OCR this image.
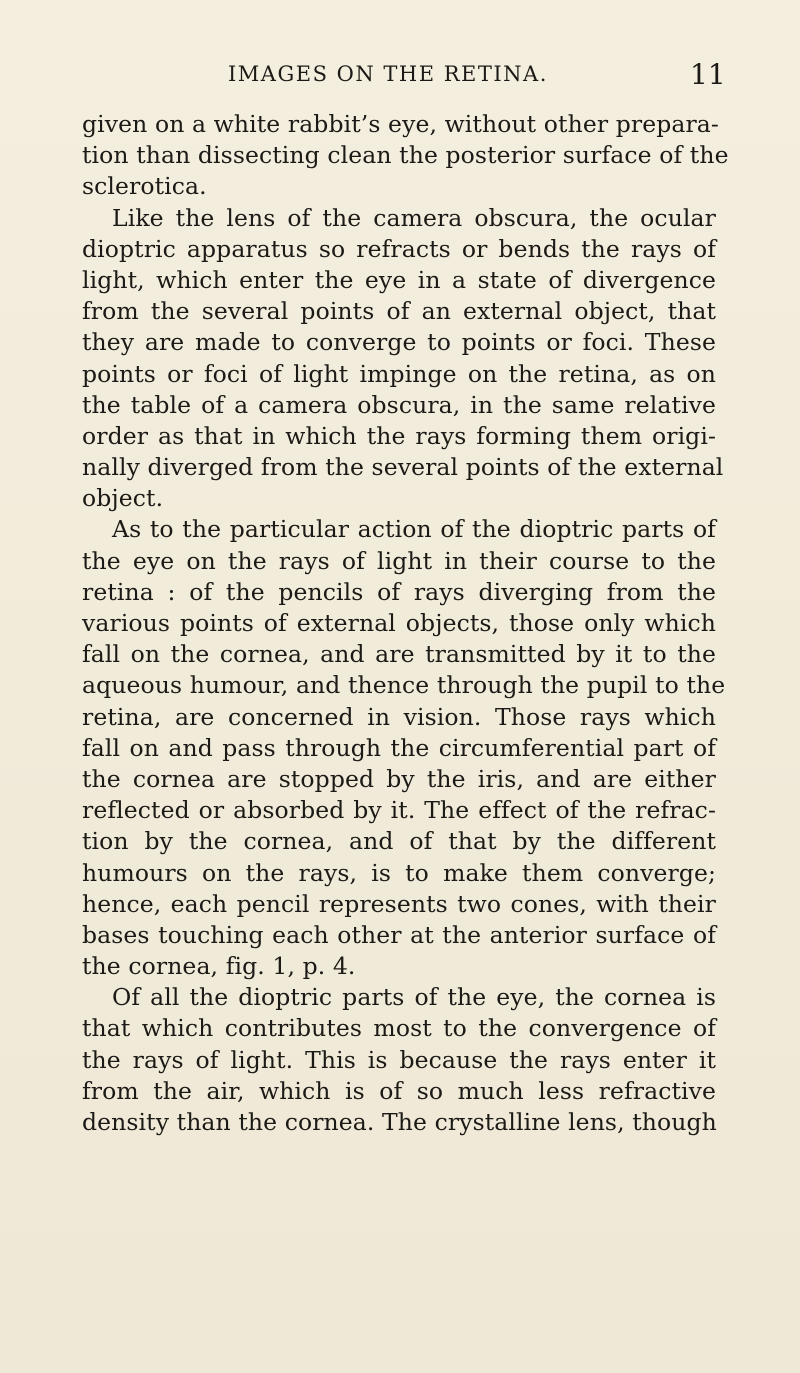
IMAGES ON THE RETINA.	11
given on a white rabbit’s eye, without other prepara-
tion than dissecting clean the posterior surface of the
sclerotica.
Like the lens of the camera obscura, the ocular
dioptric apparatus so refracts or bends the rays of
light, which enter the eye in a state of divergence
from the several points of an external object, that
they are made to converge to points or foci. These
points or foci of light impinge on the retina, as on
the table of a camera obscura, in the same relative
order as that in which the rays forming them origi-
nally diverged from the several points of the external
object.
As to the particular action of the dioptric parts of
the eye on the rays of light in their course to the
retina : of the pencils of rays diverging from the
various points of external objects, those only which
fall on the cornea, and are transmitted by it to the
aqueous humour, and thence through the pupil to the
retina, are concerned in vision. Those rays which
fall on and pass through the circumferential part of
the cornea are stopped by the iris, and are either
reflected or absorbed by it. The effect of the refrac-
tion by the cornea, and of that by the different
humours on the rays, is to make them converge;
hence, each pencil represents two cones, with their
bases touching each other at the anterior surface of
the cornea, fig. 1, p. 4.
Of all the dioptric parts of the eye, the cornea is
that which contributes most to the convergence of
the rays of light. This is because the rays enter it
from the air, which is of so much less refractive
density than the cornea. The crystalline lens, though
